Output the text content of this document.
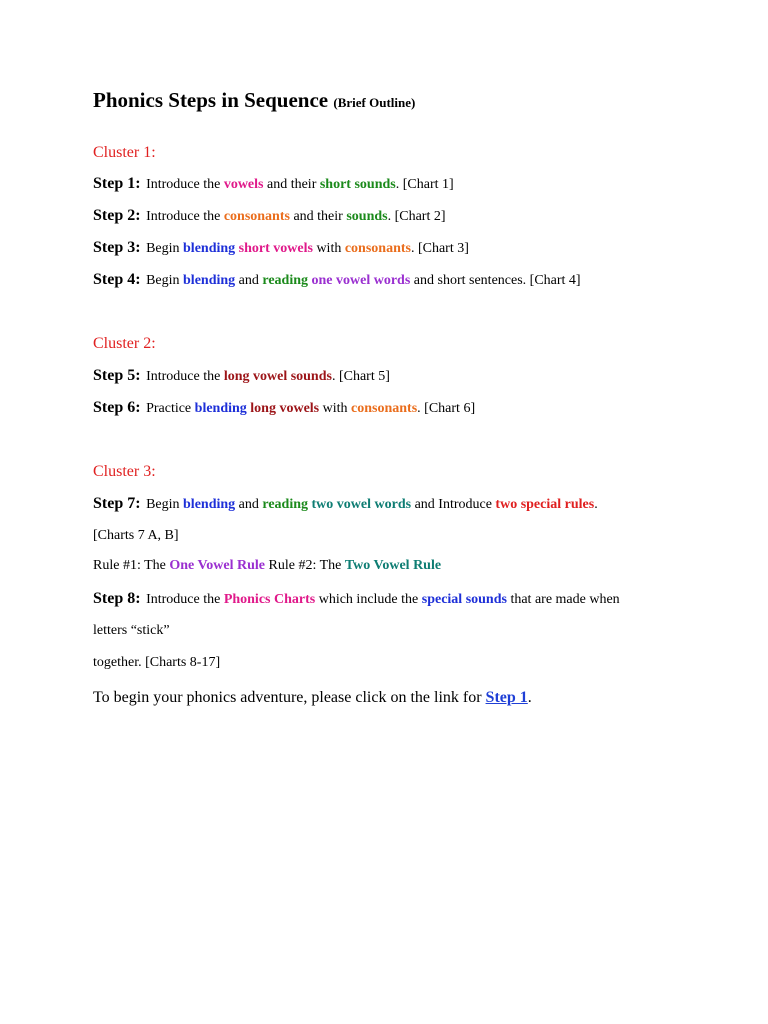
Phonics Steps in Sequence (Brief Outline)
Cluster 1:
Step 1: Introduce the vowels and their short sounds. [Chart 1]
Step 2: Introduce the consonants and their sounds. [Chart 2]
Step 3: Begin blending short vowels with consonants. [Chart 3]
Step 4: Begin blending and reading one vowel words and short sentences. [Chart 4]
Cluster 2:
Step 5: Introduce the long vowel sounds. [Chart 5]
Step 6: Practice blending long vowels with consonants. [Chart 6]
Cluster 3:
Step 7: Begin blending and reading two vowel words and Introduce two special rules.
[Charts 7 A, B]
Rule #1: The One Vowel Rule Rule #2: The Two Vowel Rule
Step 8: Introduce the Phonics Charts which include the special sounds that are made when
letters “stick”
together. [Charts 8-17]
To begin your phonics adventure, please click on the link for Step 1.
